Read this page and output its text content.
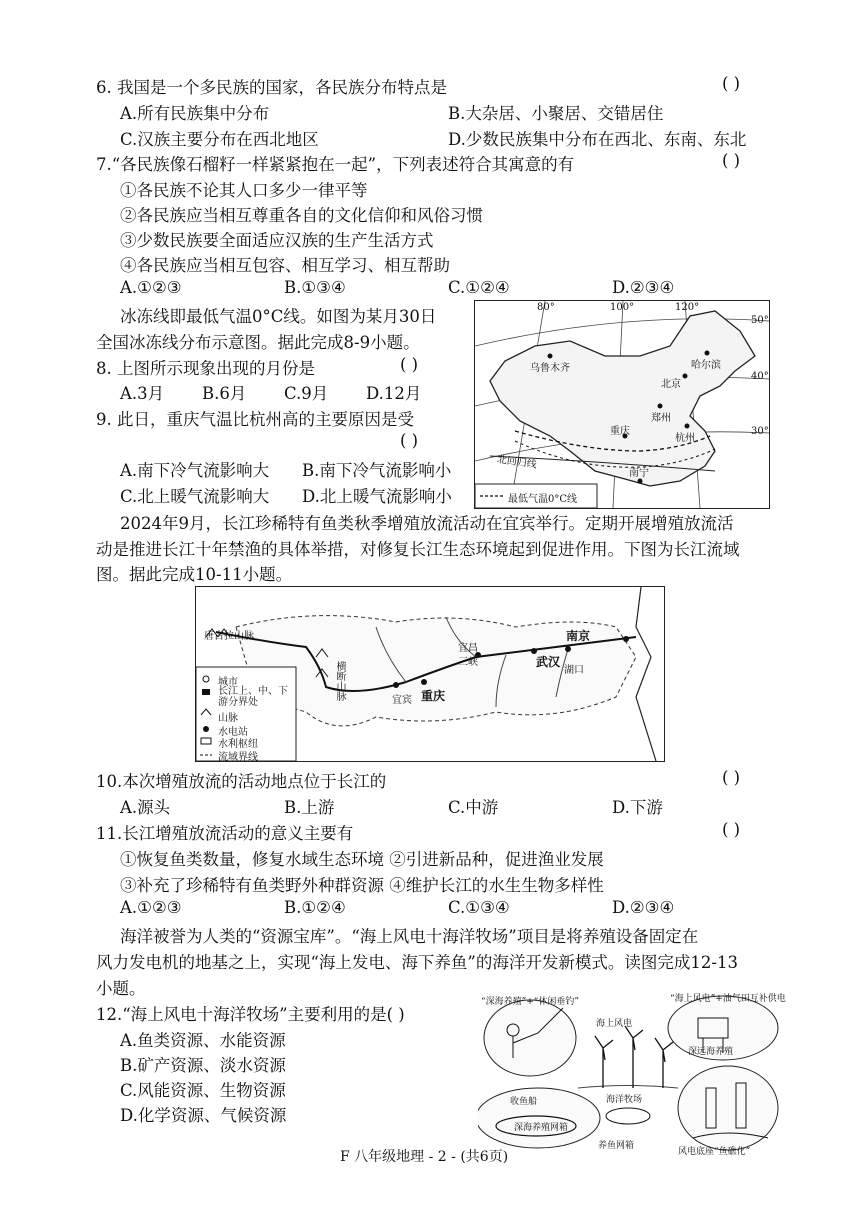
6. 我国是一个多民族的国家，各民族分布特点是	( )
A.所有民族集中分布	B.大杂居、小聚居、交错居住
C.汉族主要分布在西北地区	D.少数民族集中分布在西北、东南、东北
7.“各民族像石榴籽一样紧紧抱在一起”，下列表述符合其寓意的有	( )
①各民族不论其人口多少一律平等
②各民族应当相互尊重各自的文化信仰和风俗习惯
③少数民族要全面适应汉族的生产生活方式
④各民族应当相互包容、相互学习、相互帮助
A.①②③	B.①③④	C.①②④	D.②③④
冰冻线即最低气温0°C线。如图为某月30日
全国冰冻线分布示意图。据此完成8-9小题。
8. 上图所示现象出现的月份是	( )
A.3月 B.6月 C.9月 D.12月
9. 此日，重庆气温比杭州高的主要原因是受
( )
A.南下冷气流影响大 B.南下冷气流影响小
C.北上暖气流影响大 D.北上暖气流影响小
80°	100°	120°
50°
40°
30°
乌鲁木齐	哈尔滨
北京
郑州
重庆
杭州
南宁
北回归线
最低气温0°C线
2024年9月，长江珍稀特有鱼类秋季增殖放流活动在宜宾举行。定期开展增殖放流活
动是推进长江十年禁渔的具体举措，对修复长江生态环境起到促进作用。下图为长江流域
图。据此完成10-11小题。
唐古拉山脉	南京
宜昌
武汉
重庆
湖口
三峡
宜宾
横断山脉
城市
长江上、中、下游分界处
山脉
水电站
水利枢纽
流域界线
10.本次增殖放流的活动地点位于长江的	( )
A.源头	B.上游	C.中游	D.下游
11.长江增殖放流活动的意义主要有	( )
①恢复鱼类数量，修复水域生态环境 ②引进新品种，促进渔业发展
③补充了珍稀特有鱼类野外种群资源 ④维护长江的水生生物多样性
A.①②③	B.①②④	C.①③④	D.②③④
海洋被誉为人类的“资源宝库”。“海上风电十海洋牧场”项目是将养殖设备固定在
风力发电机的地基之上，实现“海上发电、海下养鱼”的海洋开发新模式。读图完成12-13
小题。
12.“海上风电十海洋牧场”主要利用的是( )
A.鱼类资源、水能资源
B.矿产资源、淡水资源
C.风能资源、生物资源
D.化学资源、气候资源
“深海养殖”+“休闲垂钓”	“海上风电”+油气田互补供电
海上风电
深远海养殖
收鱼船	海洋牧场
深海养殖网箱
养鱼网箱
风电底座“鱼礁化”
F 八年级地理 - 2 - (共6页)
